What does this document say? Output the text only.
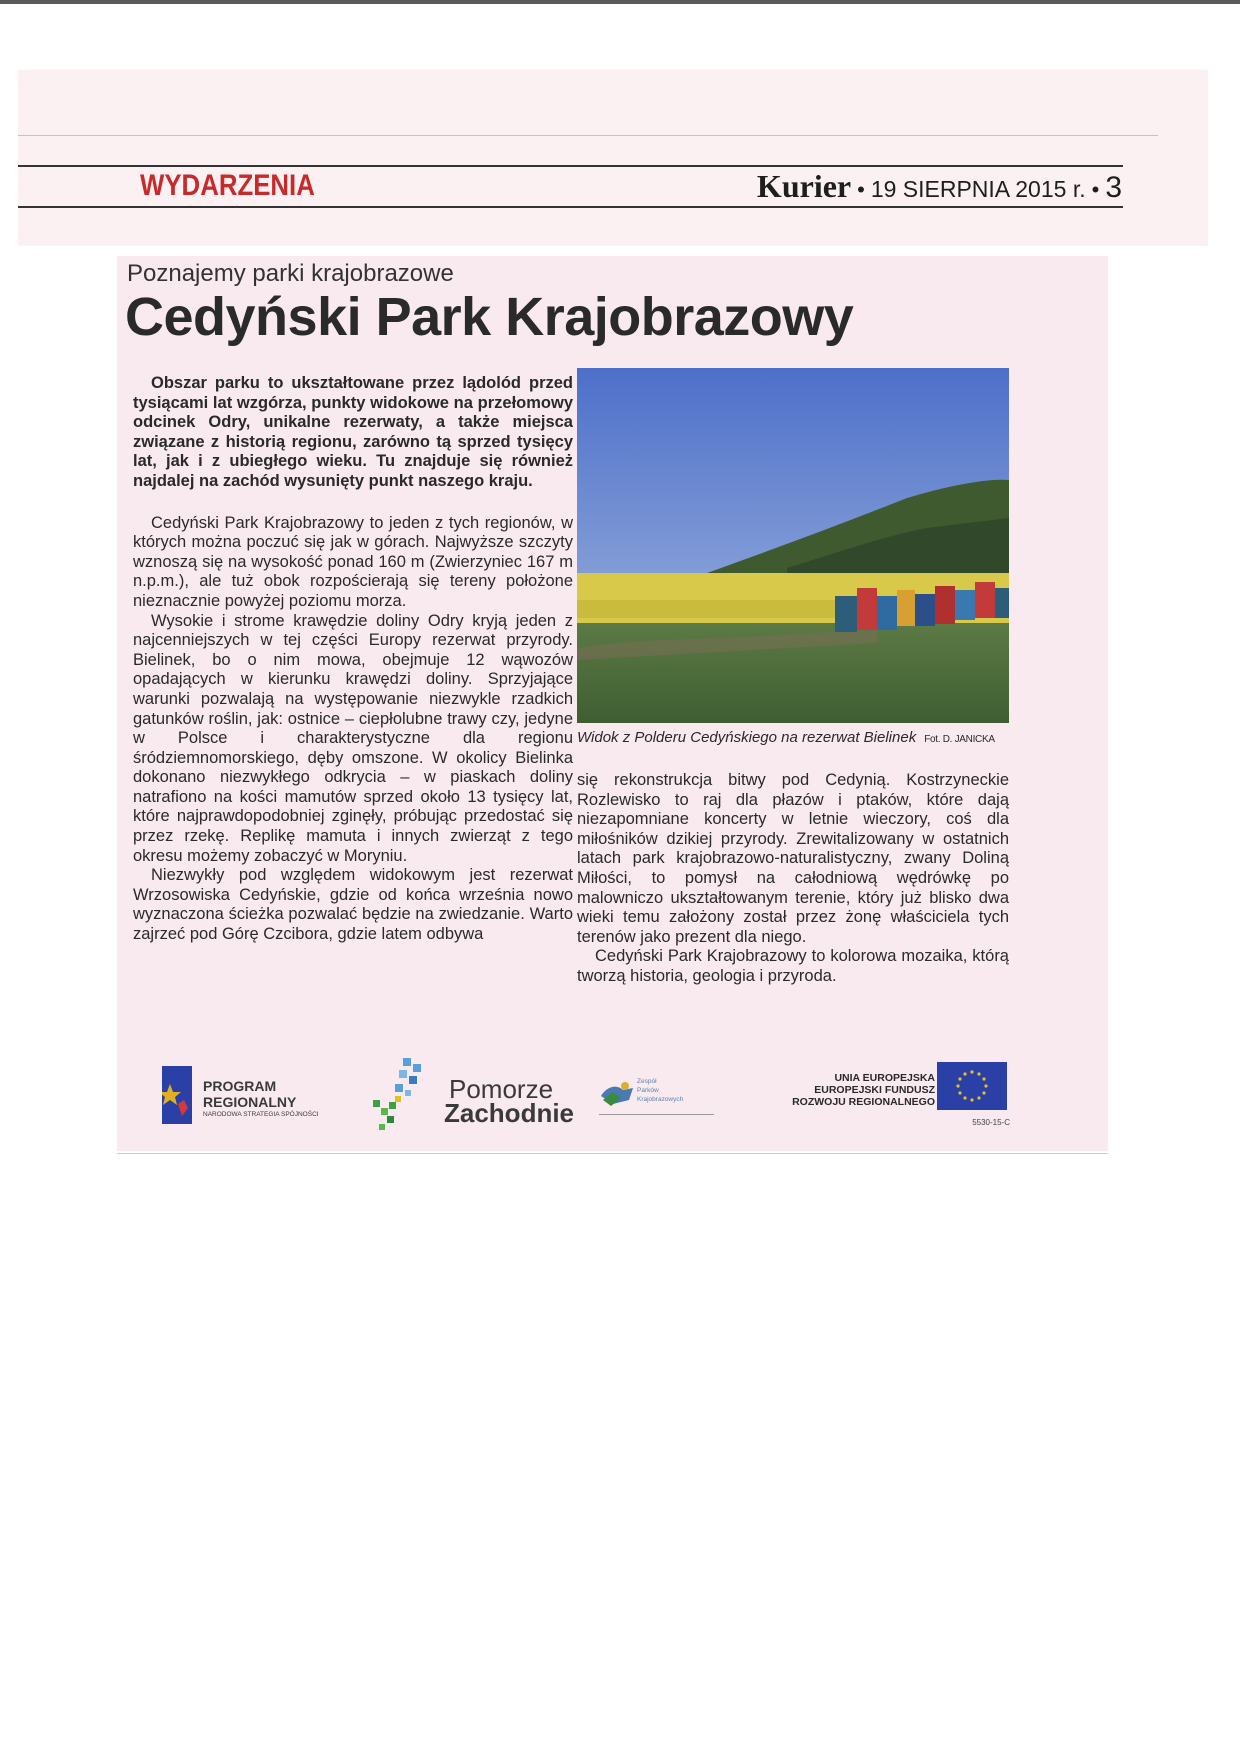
WYDARZENIA	Kurier • 19 SIERPNIA 2015 r. • 3
Poznajemy parki krajobrazowe
Cedyński Park Krajobrazowy

Obszar parku to ukształtowane przez lądolód przed tysiącami lat wzgórza, punkty widokowe na przełomowy odcinek Odry, unikalne rezerwaty, a także miejsca związane z historią regionu, zarówno tą sprzed tysięcy lat, jak i z ubiegłego wieku. Tu znajduje się również najdalej na zachód wysunięty punkt naszego kraju.

Cedyński Park Krajobrazowy to jeden z tych regionów, w których można poczuć się jak w górach. Najwyższe szczyty wznoszą się na wysokość ponad 160 m (Zwierzyniec 167 m n.p.m.), ale tuż obok rozpościerają się tereny położone nieznacznie powyżej poziomu morza.

Wysokie i strome krawędzie doliny Odry kryją jeden z najcenniejszych w tej części Europy rezerwat przyrody. Bielinek, bo o nim mowa, obejmuje 12 wąwozów opadających w kierunku krawędzi doliny. Sprzyjające warunki pozwalają na występowanie niezwykle rzadkich gatunków roślin, jak: ostnice – ciepłolubne trawy czy, jedyne w Polsce i charakterystyczne dla regionu śródziemnomorskiego, dęby omszone. W okolicy Bielinka dokonano niezwykłego odkrycia – w piaskach doliny natrafiono na kości mamutów sprzed około 13 tysięcy lat, które najprawdopodobniej zginęły, próbując przedostać się przez rzekę. Replikę mamuta i innych zwierząt z tego okresu możemy zobaczyć w Moryniu.

Niezwykły pod względem widokowym jest rezerwat Wrzosowiska Cedyńskie, gdzie od końca września nowo wyznaczona ścieżka pozwalać będzie na zwiedzanie. Warto zajrzeć pod Górę Czcibora, gdzie latem odbywa

Widok z Polderu Cedyńskiego na rezerwat Bielinek Fot. D. JANICKA

się rekonstrukcja bitwy pod Cedynią. Kostrzyneckie Rozlewisko to raj dla płazów i ptaków, które dają niezapomniane koncerty w letnie wieczory, coś dla miłośników dzikiej przyrody. Zrewitalizowany w ostatnich latach park krajobrazowo-naturalistyczny, zwany Doliną Miłości, to pomysł na całodniową wędrówkę po malowniczo ukształtowanym terenie, który już blisko dwa wieki temu założony został przez żonę właściciela tych terenów jako prezent dla niego.

Cedyński Park Krajobrazowy to kolorowa mozaika, którą tworzą historia, geologia i przyroda.

PROGRAM
REGIONALNY
NARODOWA STRATEGIA SPÓJNOŚCI
Pomorze
Zachodnie
Zespół
Parków
Krajobrazowych
UNIA EUROPEJSKA
EUROPEJSKI FUNDUSZ
ROZWOJU REGIONALNEGO
5530-15-C
